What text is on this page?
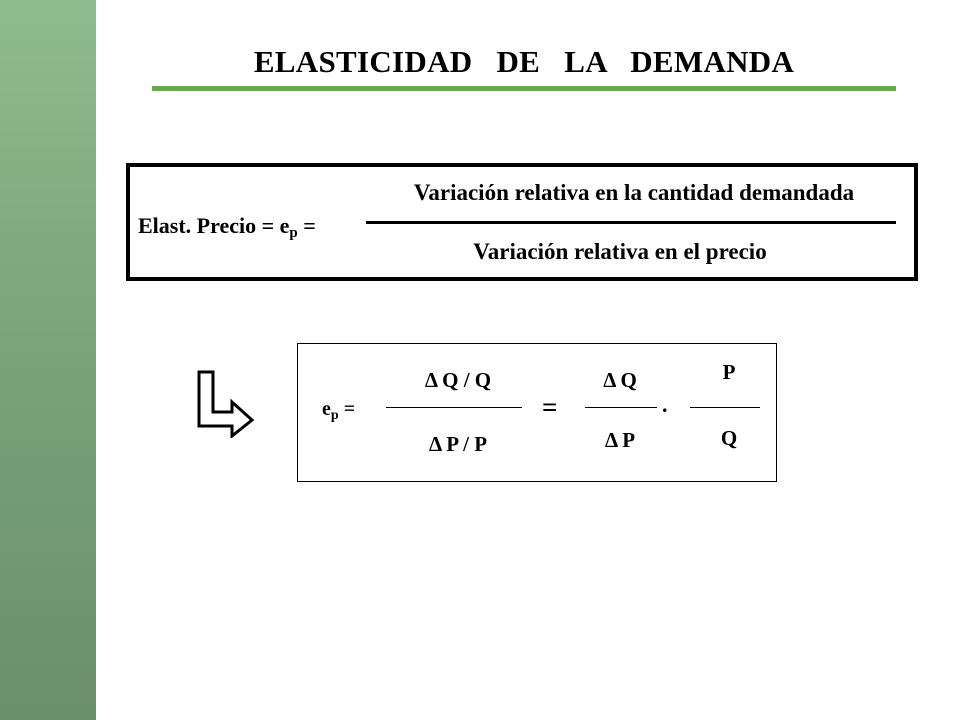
ELASTICIDAD DE LA DEMANDA
Elast. Precio = $e_p$ =
Variación relativa en la cantidad demandada
Variación relativa en el precio
$e_p$ =
Δ Q / Q
Δ P / P
=
Δ Q
Δ P
.
P
Q
